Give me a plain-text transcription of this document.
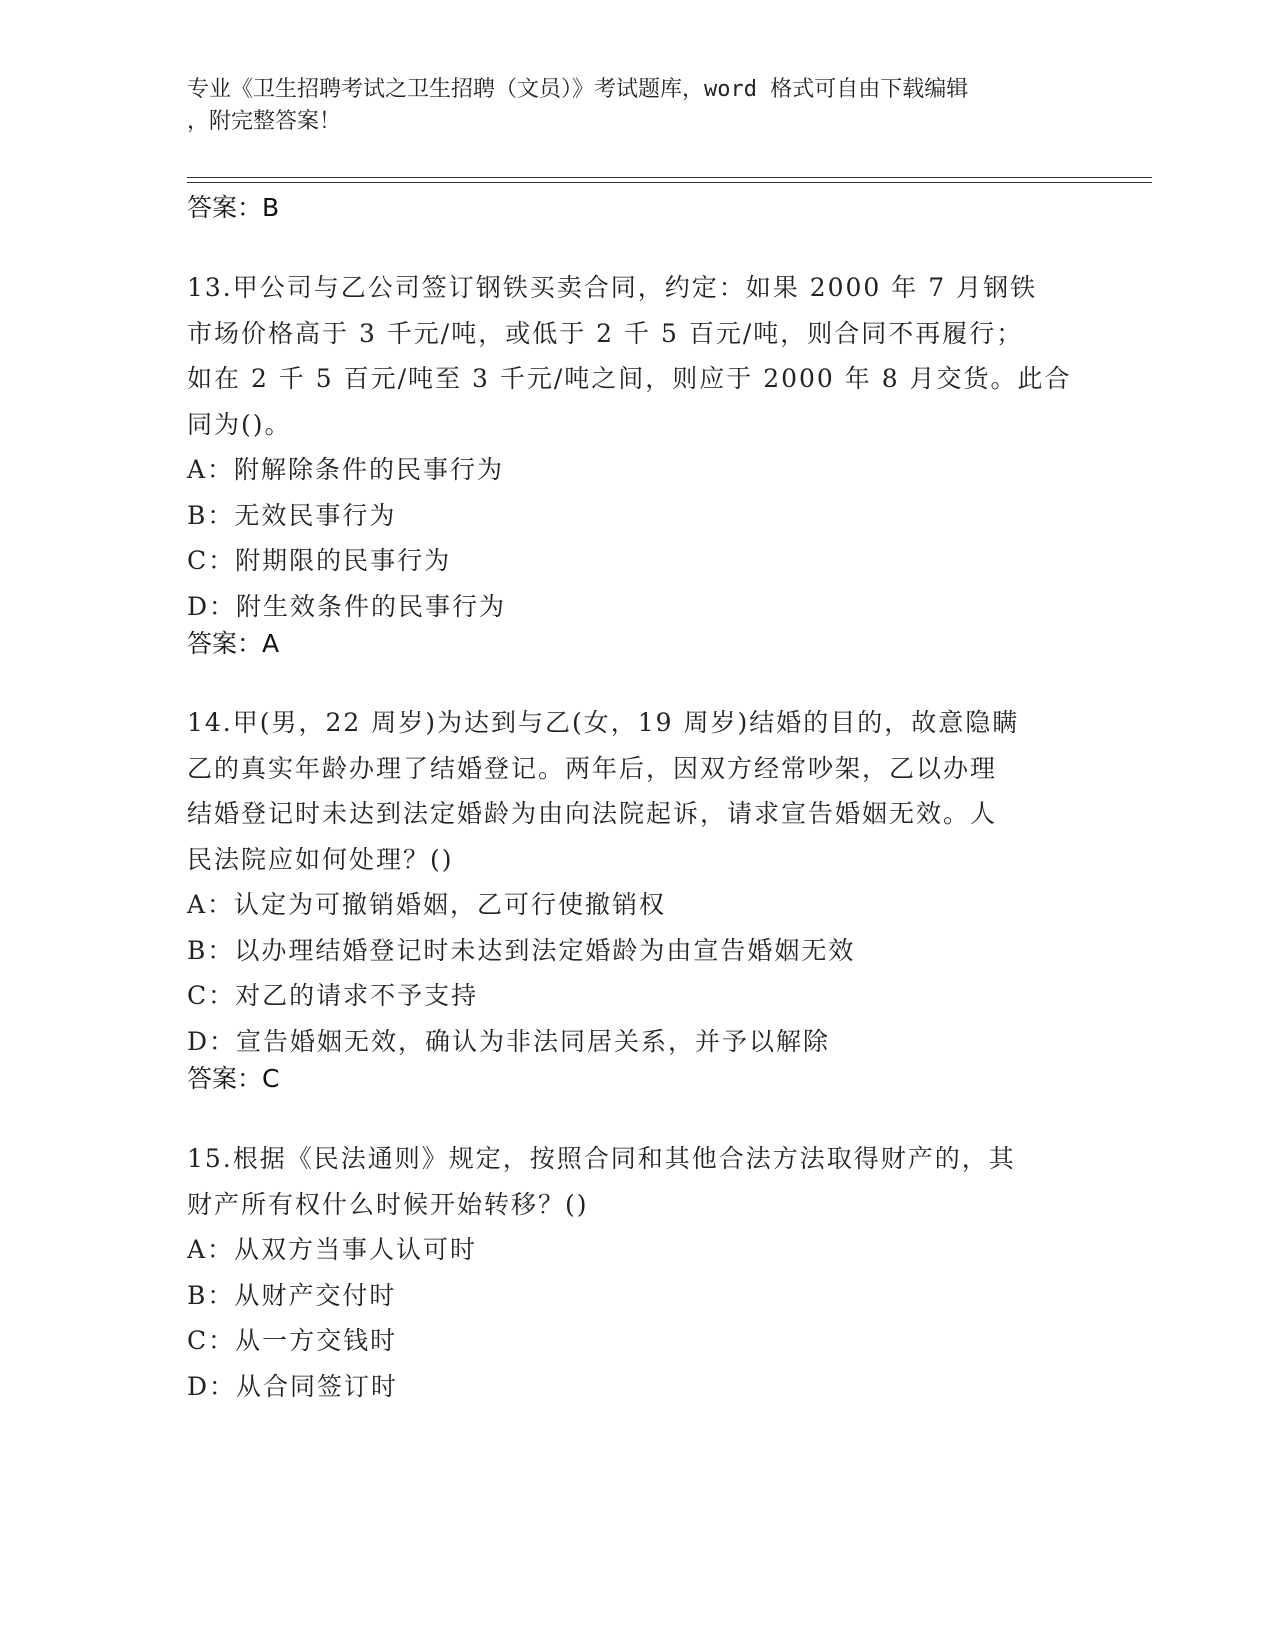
专业《卫生招聘考试之卫生招聘（文员）》考试题库，word 格式可自由下载编辑
，附完整答案！
答案：B
13.甲公司与乙公司签订钢铁买卖合同，约定：如果 2000 年 7 月钢铁
市场价格高于 3 千元/吨，或低于 2 千 5 百元/吨，则合同不再履行；
如在 2 千 5 百元/吨至 3 千元/吨之间，则应于 2000 年 8 月交货。此合
同为()。
A：附解除条件的民事行为
B：无效民事行为
C：附期限的民事行为
D：附生效条件的民事行为
答案：A
14.甲(男，22 周岁)为达到与乙(女，19 周岁)结婚的目的，故意隐瞒
乙的真实年龄办理了结婚登记。两年后，因双方经常吵架，乙以办理
结婚登记时未达到法定婚龄为由向法院起诉，请求宣告婚姻无效。人
民法院应如何处理？()
A：认定为可撤销婚姻，乙可行使撤销权
B：以办理结婚登记时未达到法定婚龄为由宣告婚姻无效
C：对乙的请求不予支持
D：宣告婚姻无效，确认为非法同居关系，并予以解除
答案：C
15.根据《民法通则》规定，按照合同和其他合法方法取得财产的，其
财产所有权什么时候开始转移？()
A：从双方当事人认可时
B：从财产交付时
C：从一方交钱时
D：从合同签订时
